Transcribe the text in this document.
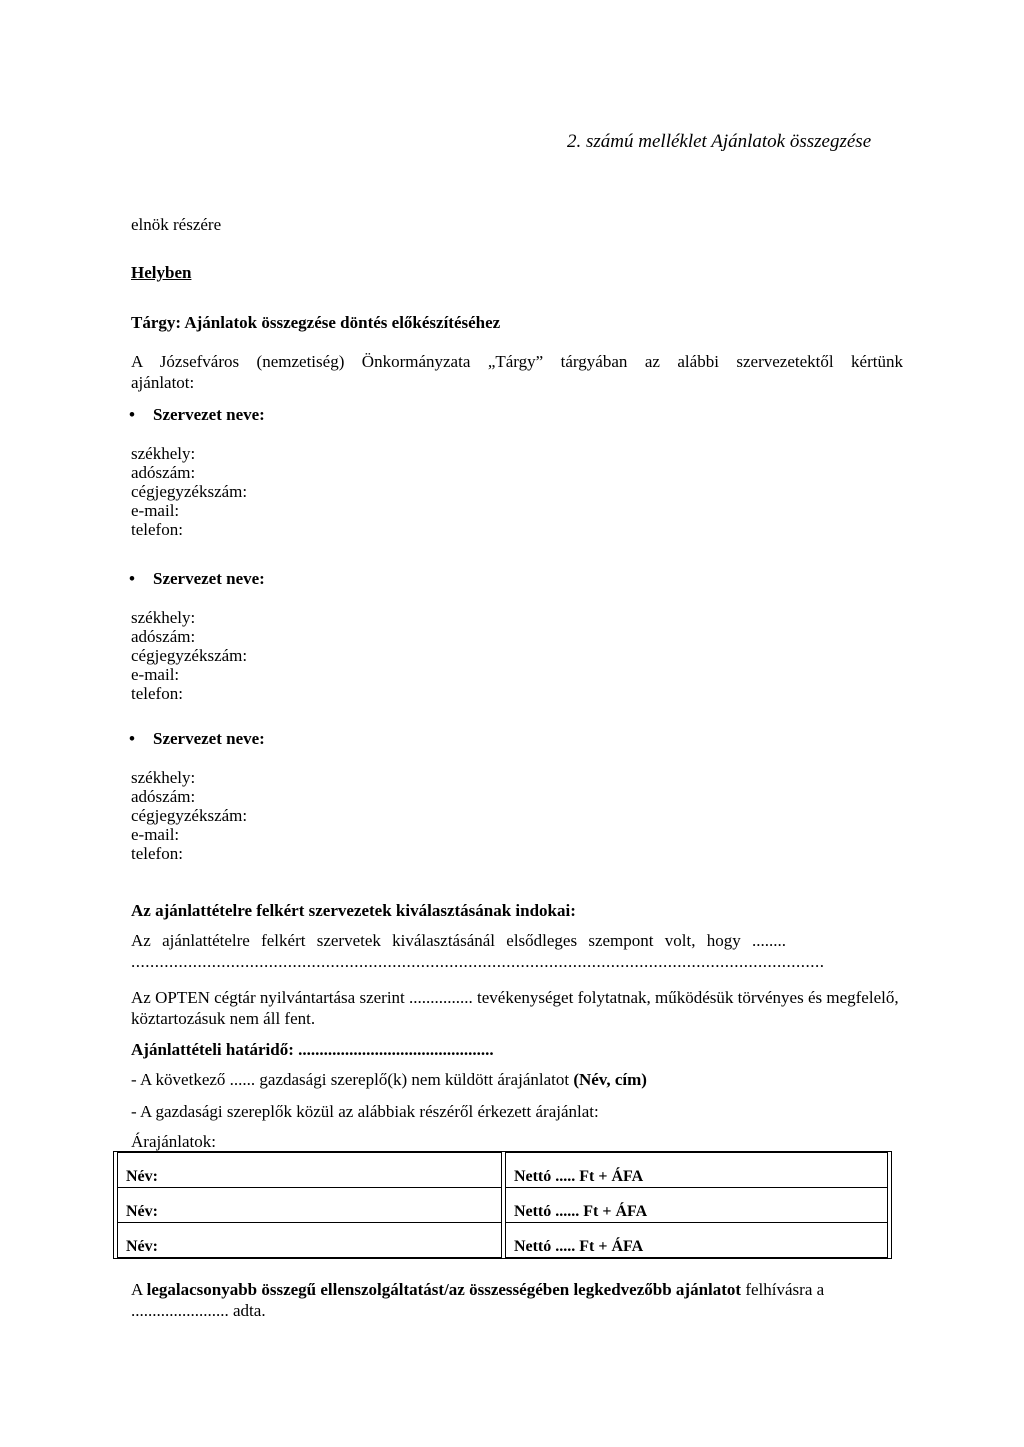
2. számú melléklet Ajánlatok összegzése
elnök részére
Helyben
Tárgy: Ajánlatok összegzése döntés előkészítéséhez
A Józsefváros (nemzetiség) Önkormányzata „Tárgy” tárgyában az alábbi szervezetektől kértünk
ajánlatot:
• Szervezet neve:
székhely:
adószám:
cégjegyzékszám:
e-mail:
telefon:
• Szervezet neve:
székhely:
adószám:
cégjegyzékszám:
e-mail:
telefon:
• Szervezet neve:
székhely:
adószám:
cégjegyzékszám:
e-mail:
telefon:
Az ajánlattételre felkért szervezetek kiválasztásának indokai:
Az ajánlattételre felkért szervetek kiválasztásánál elsődleges szempont volt, hogy ........
..................................................................................................................................................
Az OPTEN cégtár nyilvántartása szerint ............... tevékenységet folytatnak, működésük törvényes és megfelelő, köztartozásuk nem áll fent.
Ajánlattételi határidő: ..............................................
- A következő ...... gazdasági szereplő(k) nem küldött árajánlatot (Név, cím)
- A gazdasági szereplők közül az alábbiak részéről érkezett árajánlat:
Árajánlatok:
Név:	Nettó ..... Ft + ÁFA
Név:	Nettó ...... Ft + ÁFA
Név:	Nettó ..... Ft + ÁFA
A legalacsonyabb összegű ellenszolgáltatást/az összességében legkedvezőbb ajánlatot felhívásra a ....................... adta.
